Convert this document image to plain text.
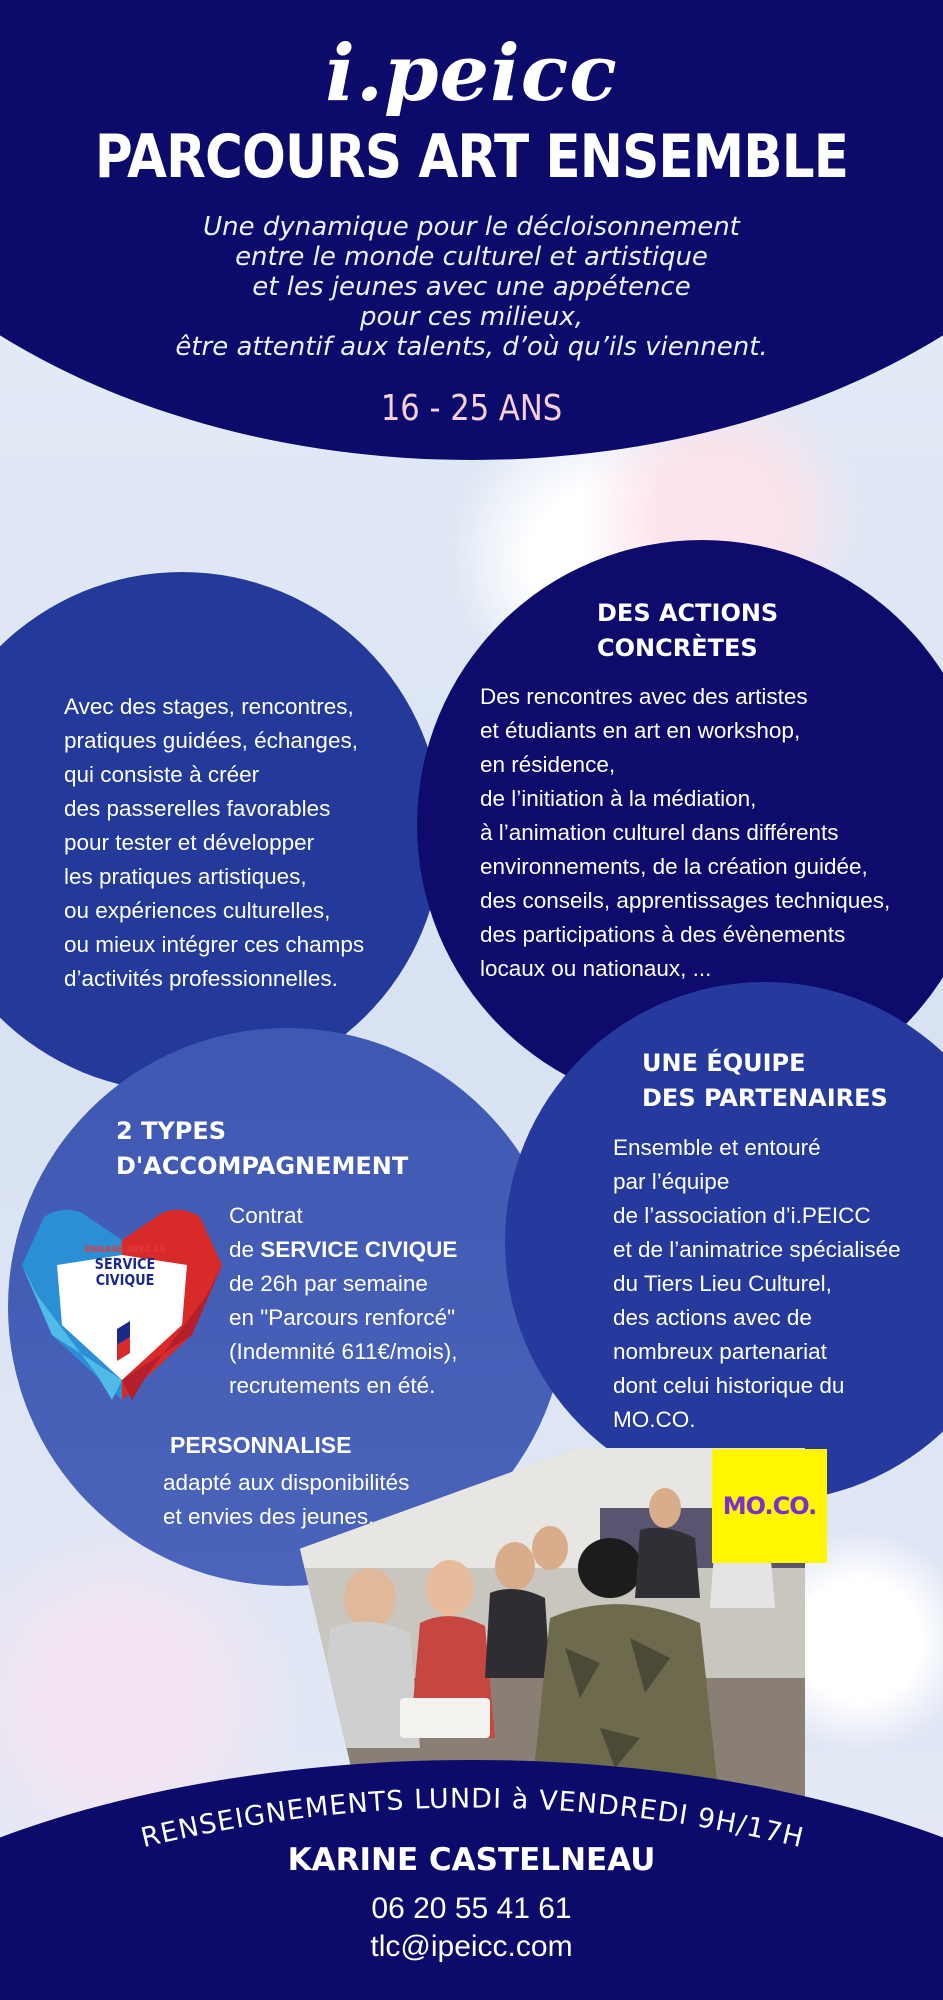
i.peicc
PARCOURS ART ENSEMBLE
Une dynamique pour le décloisonnement
entre le monde culturel et artistique
et les jeunes avec une appétence
pour ces milieux,
être attentif aux talents, d’où qu’ils viennent.
16 - 25 ANS
Avec des stages, rencontres,
pratiques guidées, échanges,
qui consiste à créer
des passerelles favorables
pour tester et développer
les pratiques artistiques,
ou expériences culturelles,
ou mieux intégrer ces champs
d’activités professionnelles.
DES ACTIONS
CONCRÈTES
Des rencontres avec des artistes
et étudiants en art en workshop,
en résidence,
de l’initiation à la médiation,
à l’animation culturel dans différents
environnements, de la création guidée,
des conseils, apprentissages techniques,
des participations à des évènements
locaux ou nationaux, ...
UNE ÉQUIPE
DES PARTENAIRES
Ensemble et entouré
par l’équipe
de l’association d’i.PEICC
et de l’animatrice spécialisée
du Tiers Lieu Culturel,
des actions avec de
nombreux partenariat
dont celui historique du
MO.CO.
MO.CO.
2 TYPES
D'ACCOMPAGNEMENT
ENGAGÉ AVEC LE
SERVICE
CIVIQUE
Contrat
de SERVICE CIVIQUE
de 26h par semaine
en "Parcours renforcé"
(Indemnité 611€/mois),
recrutements en été.
PERSONNALISE
adapté aux disponibilités
et envies des jeunes.
RENSEIGNEMENTS LUNDI à VENDREDI 9H/17H
KARINE CASTELNEAU
06 20 55 41 61
tlc@ipeicc.com
